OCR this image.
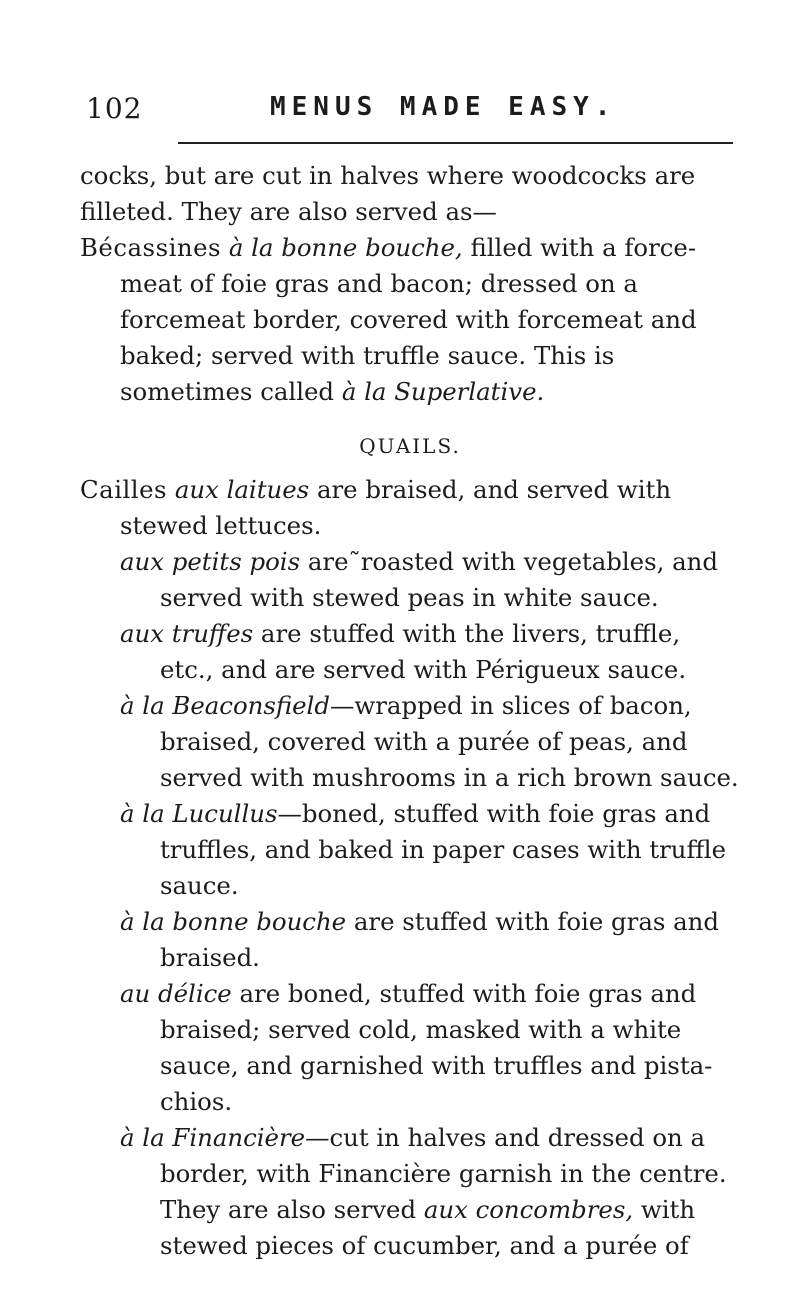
102	MENUS MADE EASY.

cocks, but are cut in halves where woodcocks are filleted. They are also served as—

Bécassines à la bonne bouche, filled with a force-meat of foie gras and bacon; dressed on a forcemeat border, covered with forcemeat and baked; served with truffle sauce. This is sometimes called à la Superlative.

QUAILS.

Cailles aux laitues are braised, and served with stewed lettuces.

aux petits pois are˜roasted with vegetables, and served with stewed peas in white sauce.

aux truffes are stuffed with the livers, truffle, etc., and are served with Périgueux sauce.

à la Beaconsfield—wrapped in slices of bacon, braised, covered with a purée of peas, and served with mushrooms in a rich brown sauce.

à la Lucullus—boned, stuffed with foie gras and truffles, and baked in paper cases with truffle sauce.

à la bonne bouche are stuffed with foie gras and braised.

au délice are boned, stuffed with foie gras and braised; served cold, masked with a white sauce, and garnished with truffles and pista-chios.

à la Financière—cut in halves and dressed on a border, with Financière garnish in the centre. They are also served aux concombres, with stewed pieces of cucumber, and a purée of
